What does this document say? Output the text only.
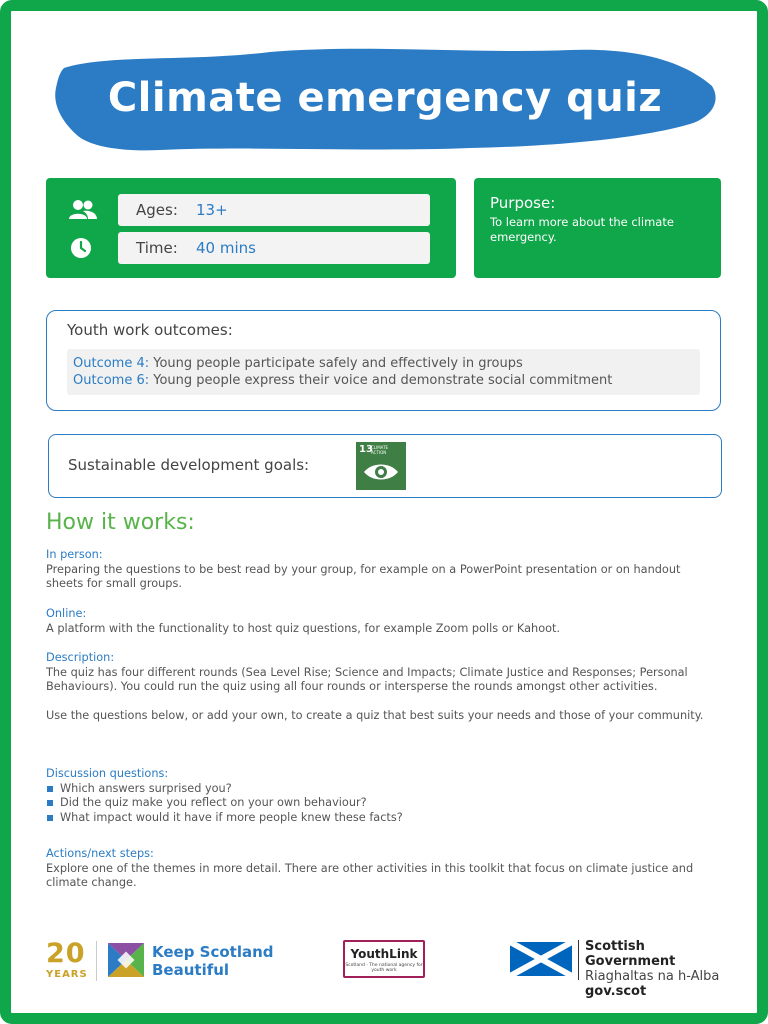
Climate emergency quiz
Ages:	13+
Time:	40 mins
Purpose:
To learn more about the climate emergency.
Youth work outcomes:
Outcome 4: Young people participate safely and effectively in groups
Outcome 6: Young people express their voice and demonstrate social commitment
Sustainable development goals:
13
CLIMATE ACTION
How it works:
In person:
Preparing the questions to be best read by your group, for example on a PowerPoint presentation or on handout sheets for small groups.
Online:
A platform with the functionality to host quiz questions, for example Zoom polls or Kahoot.
Description:
The quiz has four different rounds (Sea Level Rise; Science and Impacts; Climate Justice and Responses; Personal Behaviours). You could run the quiz using all four rounds or intersperse the rounds amongst other activities.
Use the questions below, or add your own, to create a quiz that best suits your needs and those of your community.
Discussion questions:
Which answers surprised you?
Did the quiz make you reflect on your own behaviour?
What impact would it have if more people knew these facts?
Actions/next steps:
Explore one of the themes in more detail. There are other activities in this toolkit that focus on climate justice and climate change.
20
YEARS
Keep Scotland
Beautiful
YouthLink
Scotland · The national agency for youth work
Scottish Government
Riaghaltas na h-Alba
gov.scot
